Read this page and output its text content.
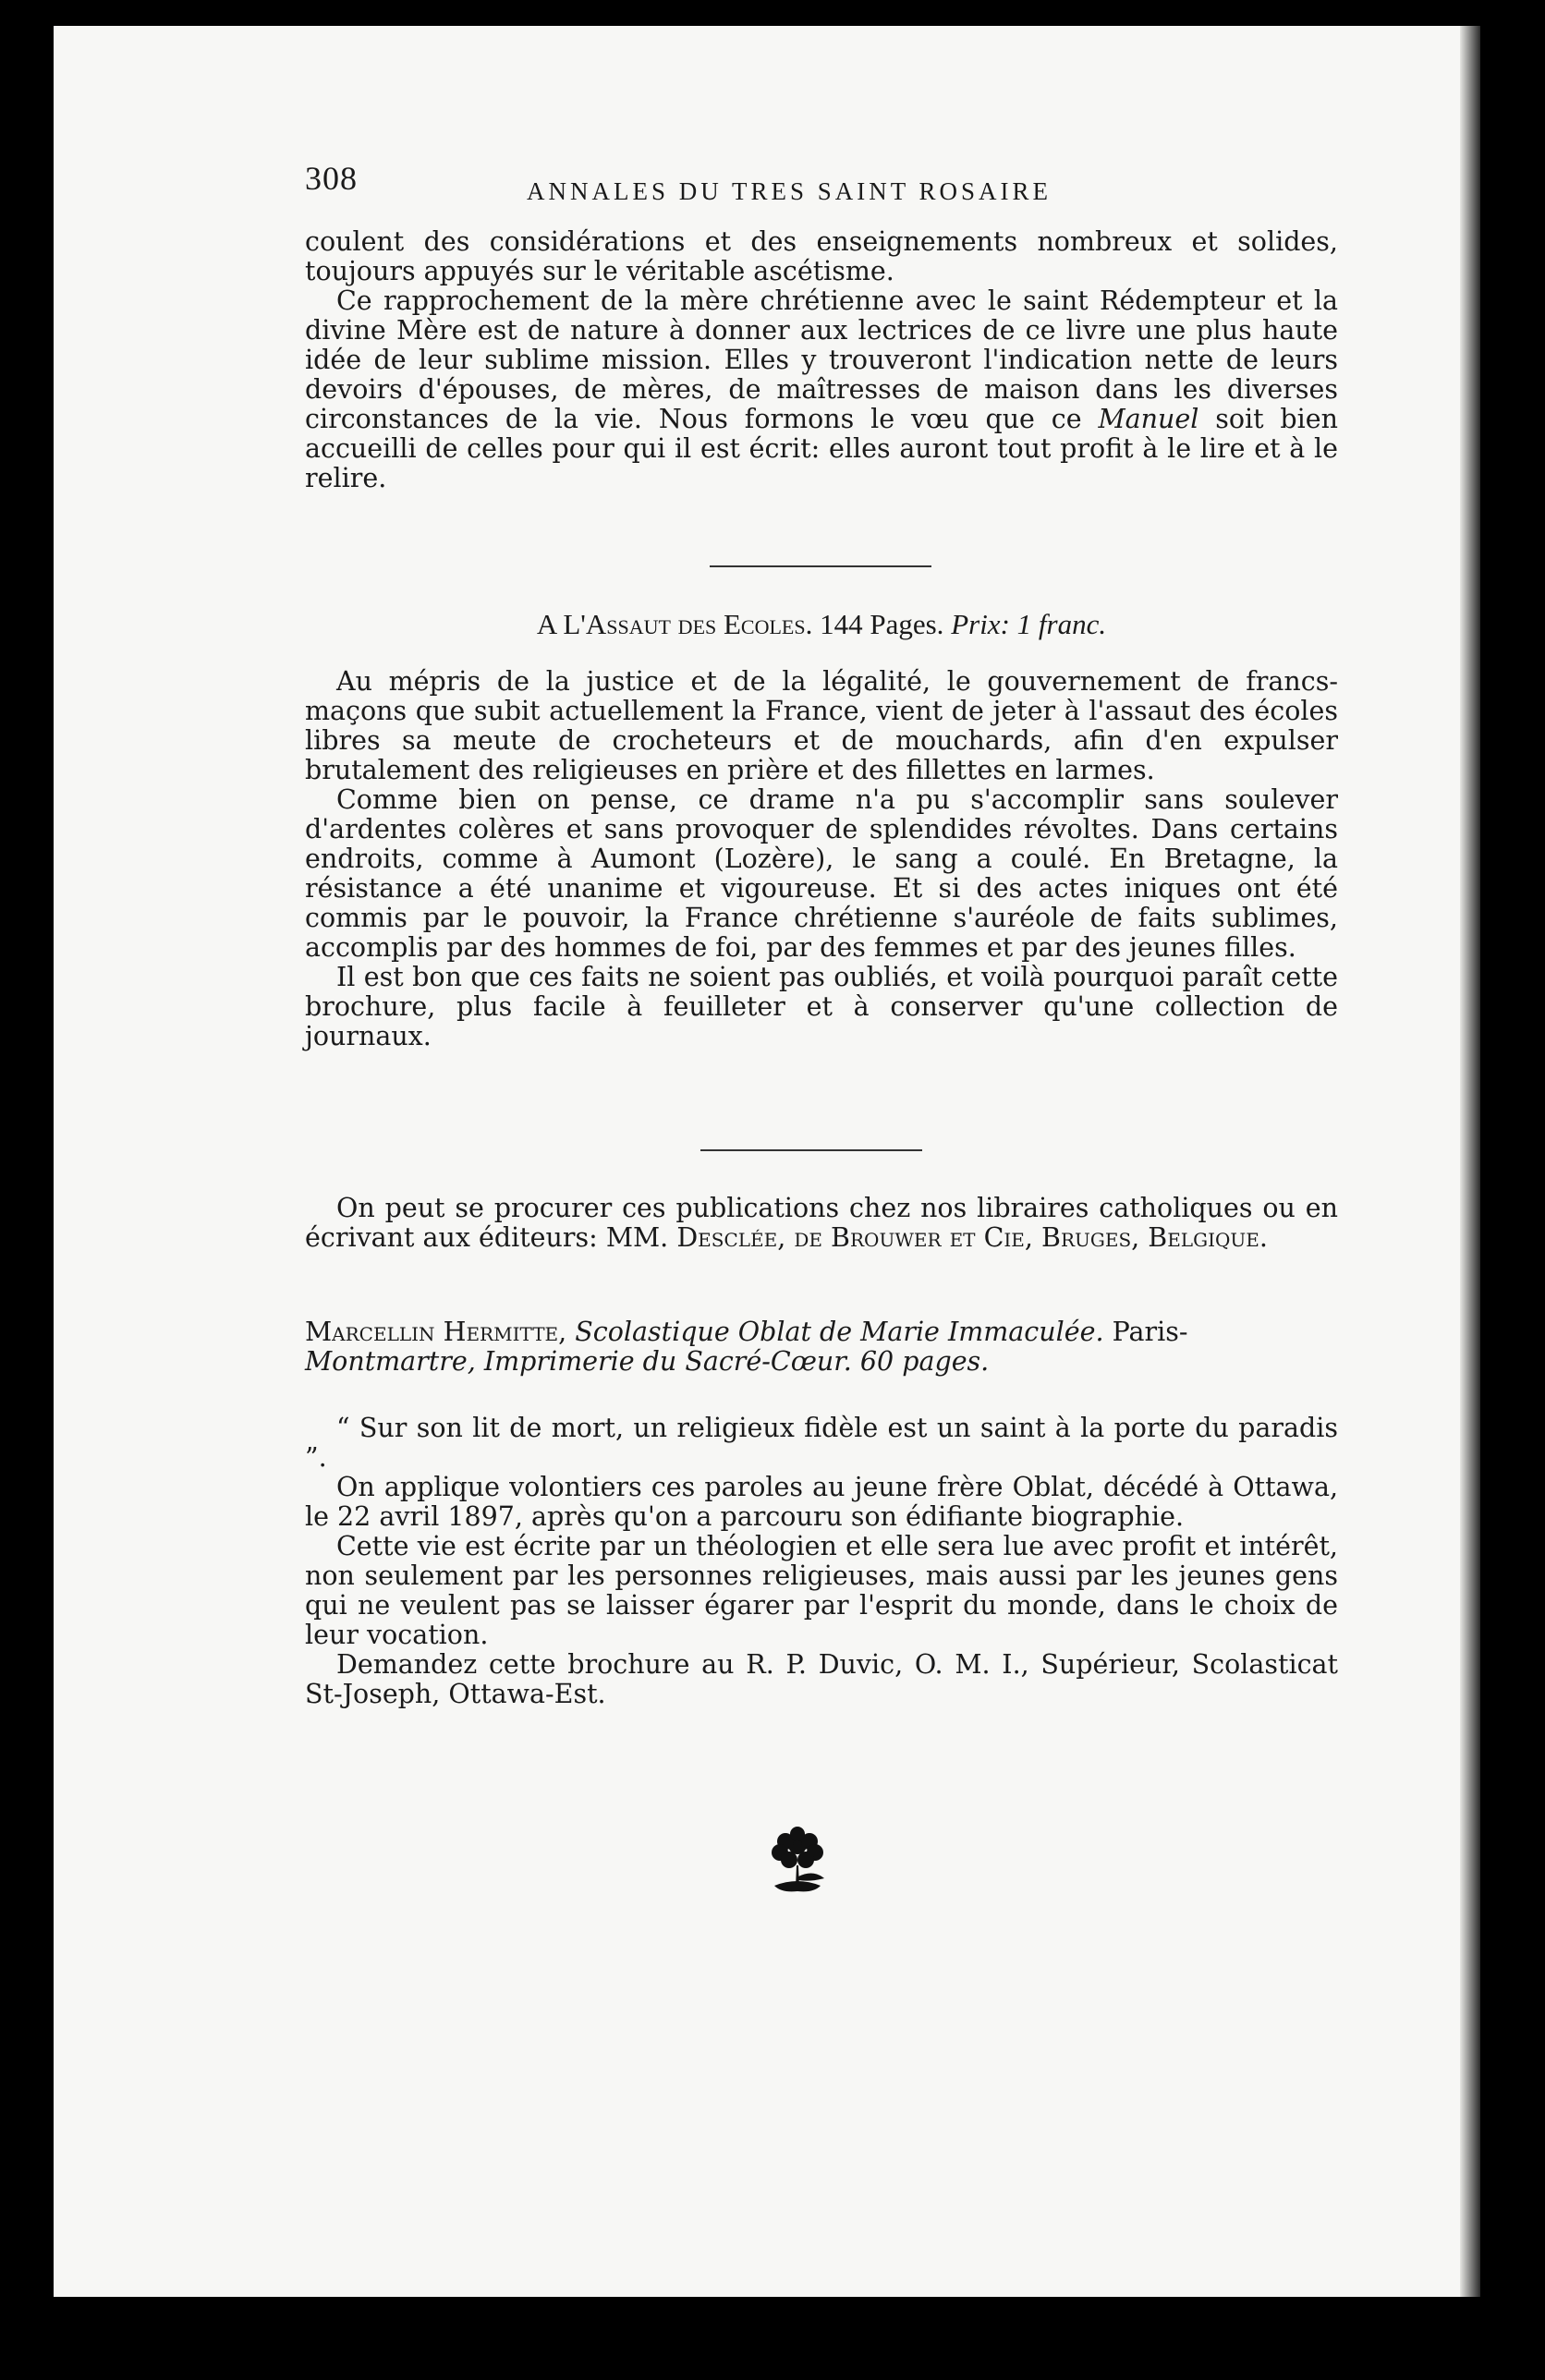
308	ANNALES DU TRES SAINT ROSAIRE

coulent des considérations et des enseignements nombreux et solides, toujours appuyés sur le véritable ascétisme.

Ce rapprochement de la mère chrétienne avec le saint Rédempteur et la divine Mère est de nature à donner aux lectrices de ce livre une plus haute idée de leur sublime mission. Elles y trouveront l'indication nette de leurs devoirs d'épouses, de mères, de maîtresses de maison dans les diverses circonstances de la vie. Nous formons le vœu que ce Manuel soit bien accueilli de celles pour qui il est écrit: elles auront tout profit à le lire et à le relire.

A L'Assaut des Ecoles. 144 Pages. Prix: 1 franc.

Au mépris de la justice et de la légalité, le gouvernement de francs-maçons que subit actuellement la France, vient de jeter à l'assaut des écoles libres sa meute de crocheteurs et de mouchards, afin d'en expulser brutalement des religieuses en prière et des fillettes en larmes.

Comme bien on pense, ce drame n'a pu s'accomplir sans soulever d'ardentes colères et sans provoquer de splendides révoltes. Dans certains endroits, comme à Aumont (Lozère), le sang a coulé. En Bretagne, la résistance a été unanime et vigoureuse. Et si des actes iniques ont été commis par le pouvoir, la France chrétienne s'auréole de faits sublimes, accomplis par des hommes de foi, par des femmes et par des jeunes filles.

Il est bon que ces faits ne soient pas oubliés, et voilà pourquoi paraît cette brochure, plus facile à feuilleter et à conserver qu'une collection de journaux.

On peut se procurer ces publications chez nos libraires catholiques ou en écrivant aux éditeurs: MM. Desclée, de Brouwer et Cie, Bruges, Belgique.

Marcellin Hermitte, Scolastique Oblat de Marie Immaculée. Paris-
Montmartre, Imprimerie du Sacré-Cœur. 60 pages.

“ Sur son lit de mort, un religieux fidèle est un saint à la porte du paradis ”.

On applique volontiers ces paroles au jeune frère Oblat, décédé à Ottawa, le 22 avril 1897, après qu'on a parcouru son édifiante biographie.

Cette vie est écrite par un théologien et elle sera lue avec profit et intérêt, non seulement par les personnes religieuses, mais aussi par les jeunes gens qui ne veulent pas se laisser égarer par l'esprit du monde, dans le choix de leur vocation.

Demandez cette brochure au R. P. Duvic, O. M. I., Supérieur, Scolasticat St-Joseph, Ottawa-Est.
